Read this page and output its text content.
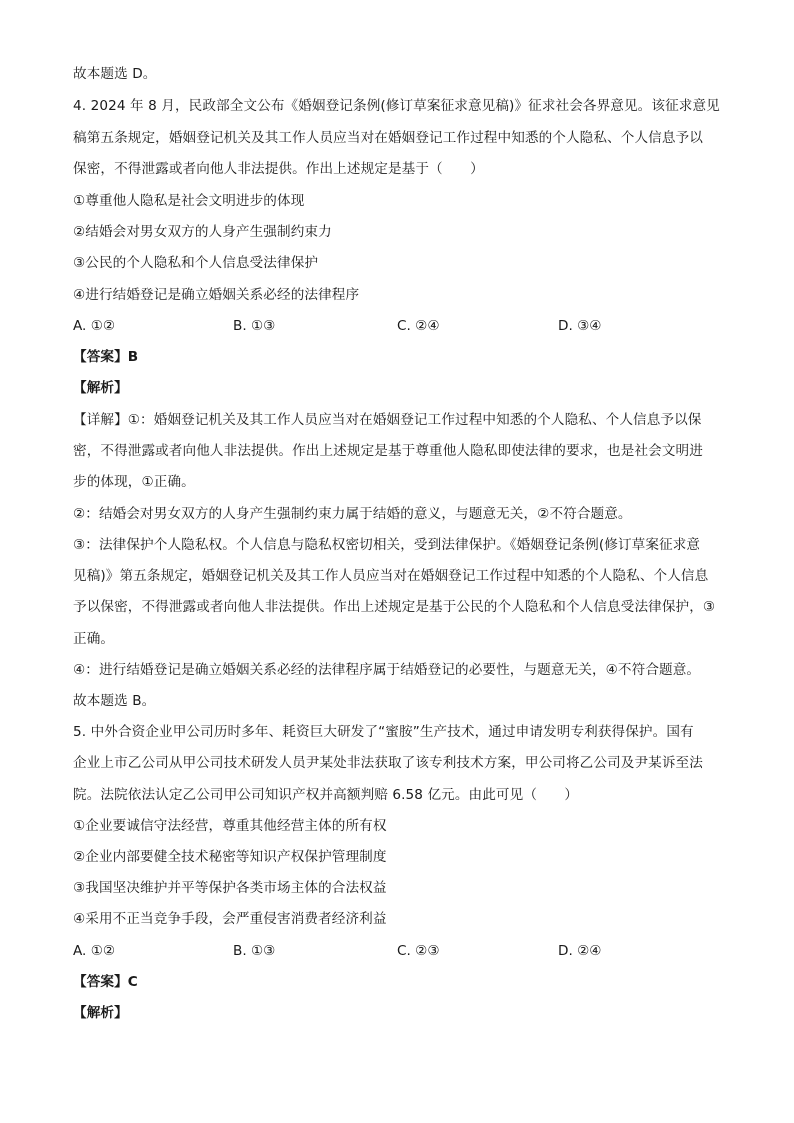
故本题选 D。
4. 2024 年 8 月，民政部全文公布《婚姻登记条例(修订草案征求意见稿)》征求社会各界意见。该征求意见
稿第五条规定，婚姻登记机关及其工作人员应当对在婚姻登记工作过程中知悉的个人隐私、个人信息予以
保密，不得泄露或者向他人非法提供。作出上述规定是基于（　　）
①尊重他人隐私是社会文明进步的体现
②结婚会对男女双方的人身产生强制约束力
③公民的个人隐私和个人信息受法律保护
④进行结婚登记是确立婚姻关系必经的法律程序
A. ①②	B. ①③	C. ②④	D. ③④
【答案】B
【解析】
【详解】①：婚姻登记机关及其工作人员应当对在婚姻登记工作过程中知悉的个人隐私、个人信息予以保
密，不得泄露或者向他人非法提供。作出上述规定是基于尊重他人隐私即使法律的要求，也是社会文明进
步的体现，①正确。
②：结婚会对男女双方的人身产生强制约束力属于结婚的意义，与题意无关，②不符合题意。
③：法律保护个人隐私权。个人信息与隐私权密切相关，受到法律保护。《婚姻登记条例(修订草案征求意
见稿)》第五条规定，婚姻登记机关及其工作人员应当对在婚姻登记工作过程中知悉的个人隐私、个人信息
予以保密，不得泄露或者向他人非法提供。作出上述规定是基于公民的个人隐私和个人信息受法律保护，③
正确。
④：进行结婚登记是确立婚姻关系必经的法律程序属于结婚登记的必要性，与题意无关，④不符合题意。
故本题选 B。
5. 中外合资企业甲公司历时多年、耗资巨大研发了“蜜胺”生产技术，通过申请发明专利获得保护。国有
企业上市乙公司从甲公司技术研发人员尹某处非法获取了该专利技术方案，甲公司将乙公司及尹某诉至法
院。法院依法认定乙公司甲公司知识产权并高额判赔 6.58 亿元。由此可见（　　）
①企业要诚信守法经营，尊重其他经营主体的所有权
②企业内部要健全技术秘密等知识产权保护管理制度
③我国坚决维护并平等保护各类市场主体的合法权益
④采用不正当竞争手段，会严重侵害消费者经济利益
A. ①②	B. ①③	C. ②③	D. ②④
【答案】C
【解析】
